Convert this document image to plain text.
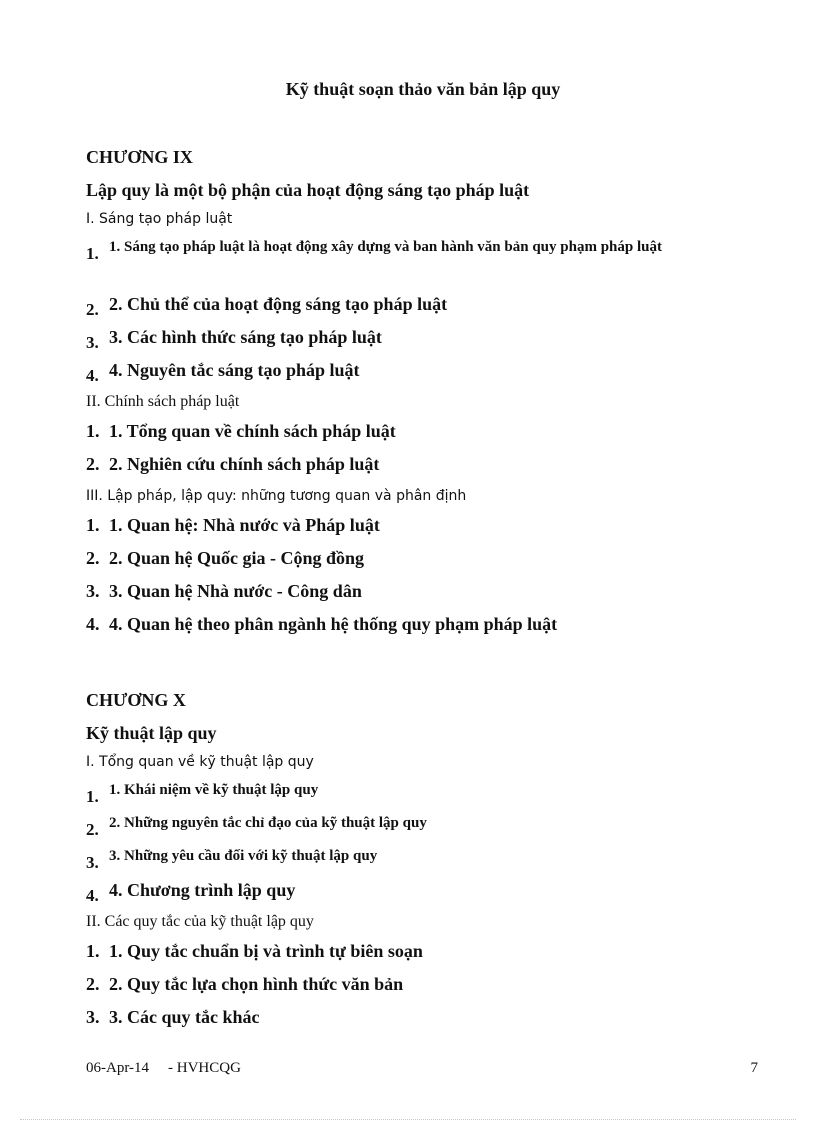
Kỹ thuật soạn thảo văn bản lập quy
CHƯƠNG IX
Lập quy là một bộ phận của hoạt động sáng tạo pháp luật
I. Sáng tạo pháp luật
1. 1. Sáng tạo pháp luật là hoạt động xây dựng và ban hành văn bản quy phạm pháp luật
2. 2. Chủ thể của hoạt động sáng tạo pháp luật
3. 3. Các hình thức sáng tạo pháp luật
4. 4. Nguyên tắc sáng tạo pháp luật
II. Chính sách pháp luật
1. 1. Tổng quan về chính sách pháp luật
2. 2. Nghiên cứu chính sách pháp luật
III. Lập pháp, lập quy: những tương quan và phân định
1. 1. Quan hệ: Nhà nước và Pháp luật
2. 2. Quan hệ Quốc gia - Cộng đồng
3. 3. Quan hệ Nhà nước - Công dân
4. 4. Quan hệ theo phân ngành hệ thống quy phạm pháp luật
CHƯƠNG X
Kỹ thuật lập quy
I. Tổng quan về kỹ thuật lập quy
1. 1. Khái niệm về kỹ thuật lập quy
2. 2. Những nguyên tắc chỉ đạo của kỹ thuật lập quy
3. 3. Những yêu cầu đối với kỹ thuật lập quy
4. 4. Chương trình lập quy
II. Các quy tắc của kỹ thuật lập quy
1. 1. Quy tắc chuẩn bị và trình tự biên soạn
2. 2. Quy tắc lựa chọn hình thức văn bản
3. 3. Các quy tắc khác
06-Apr-14	- HVHCQG	7
